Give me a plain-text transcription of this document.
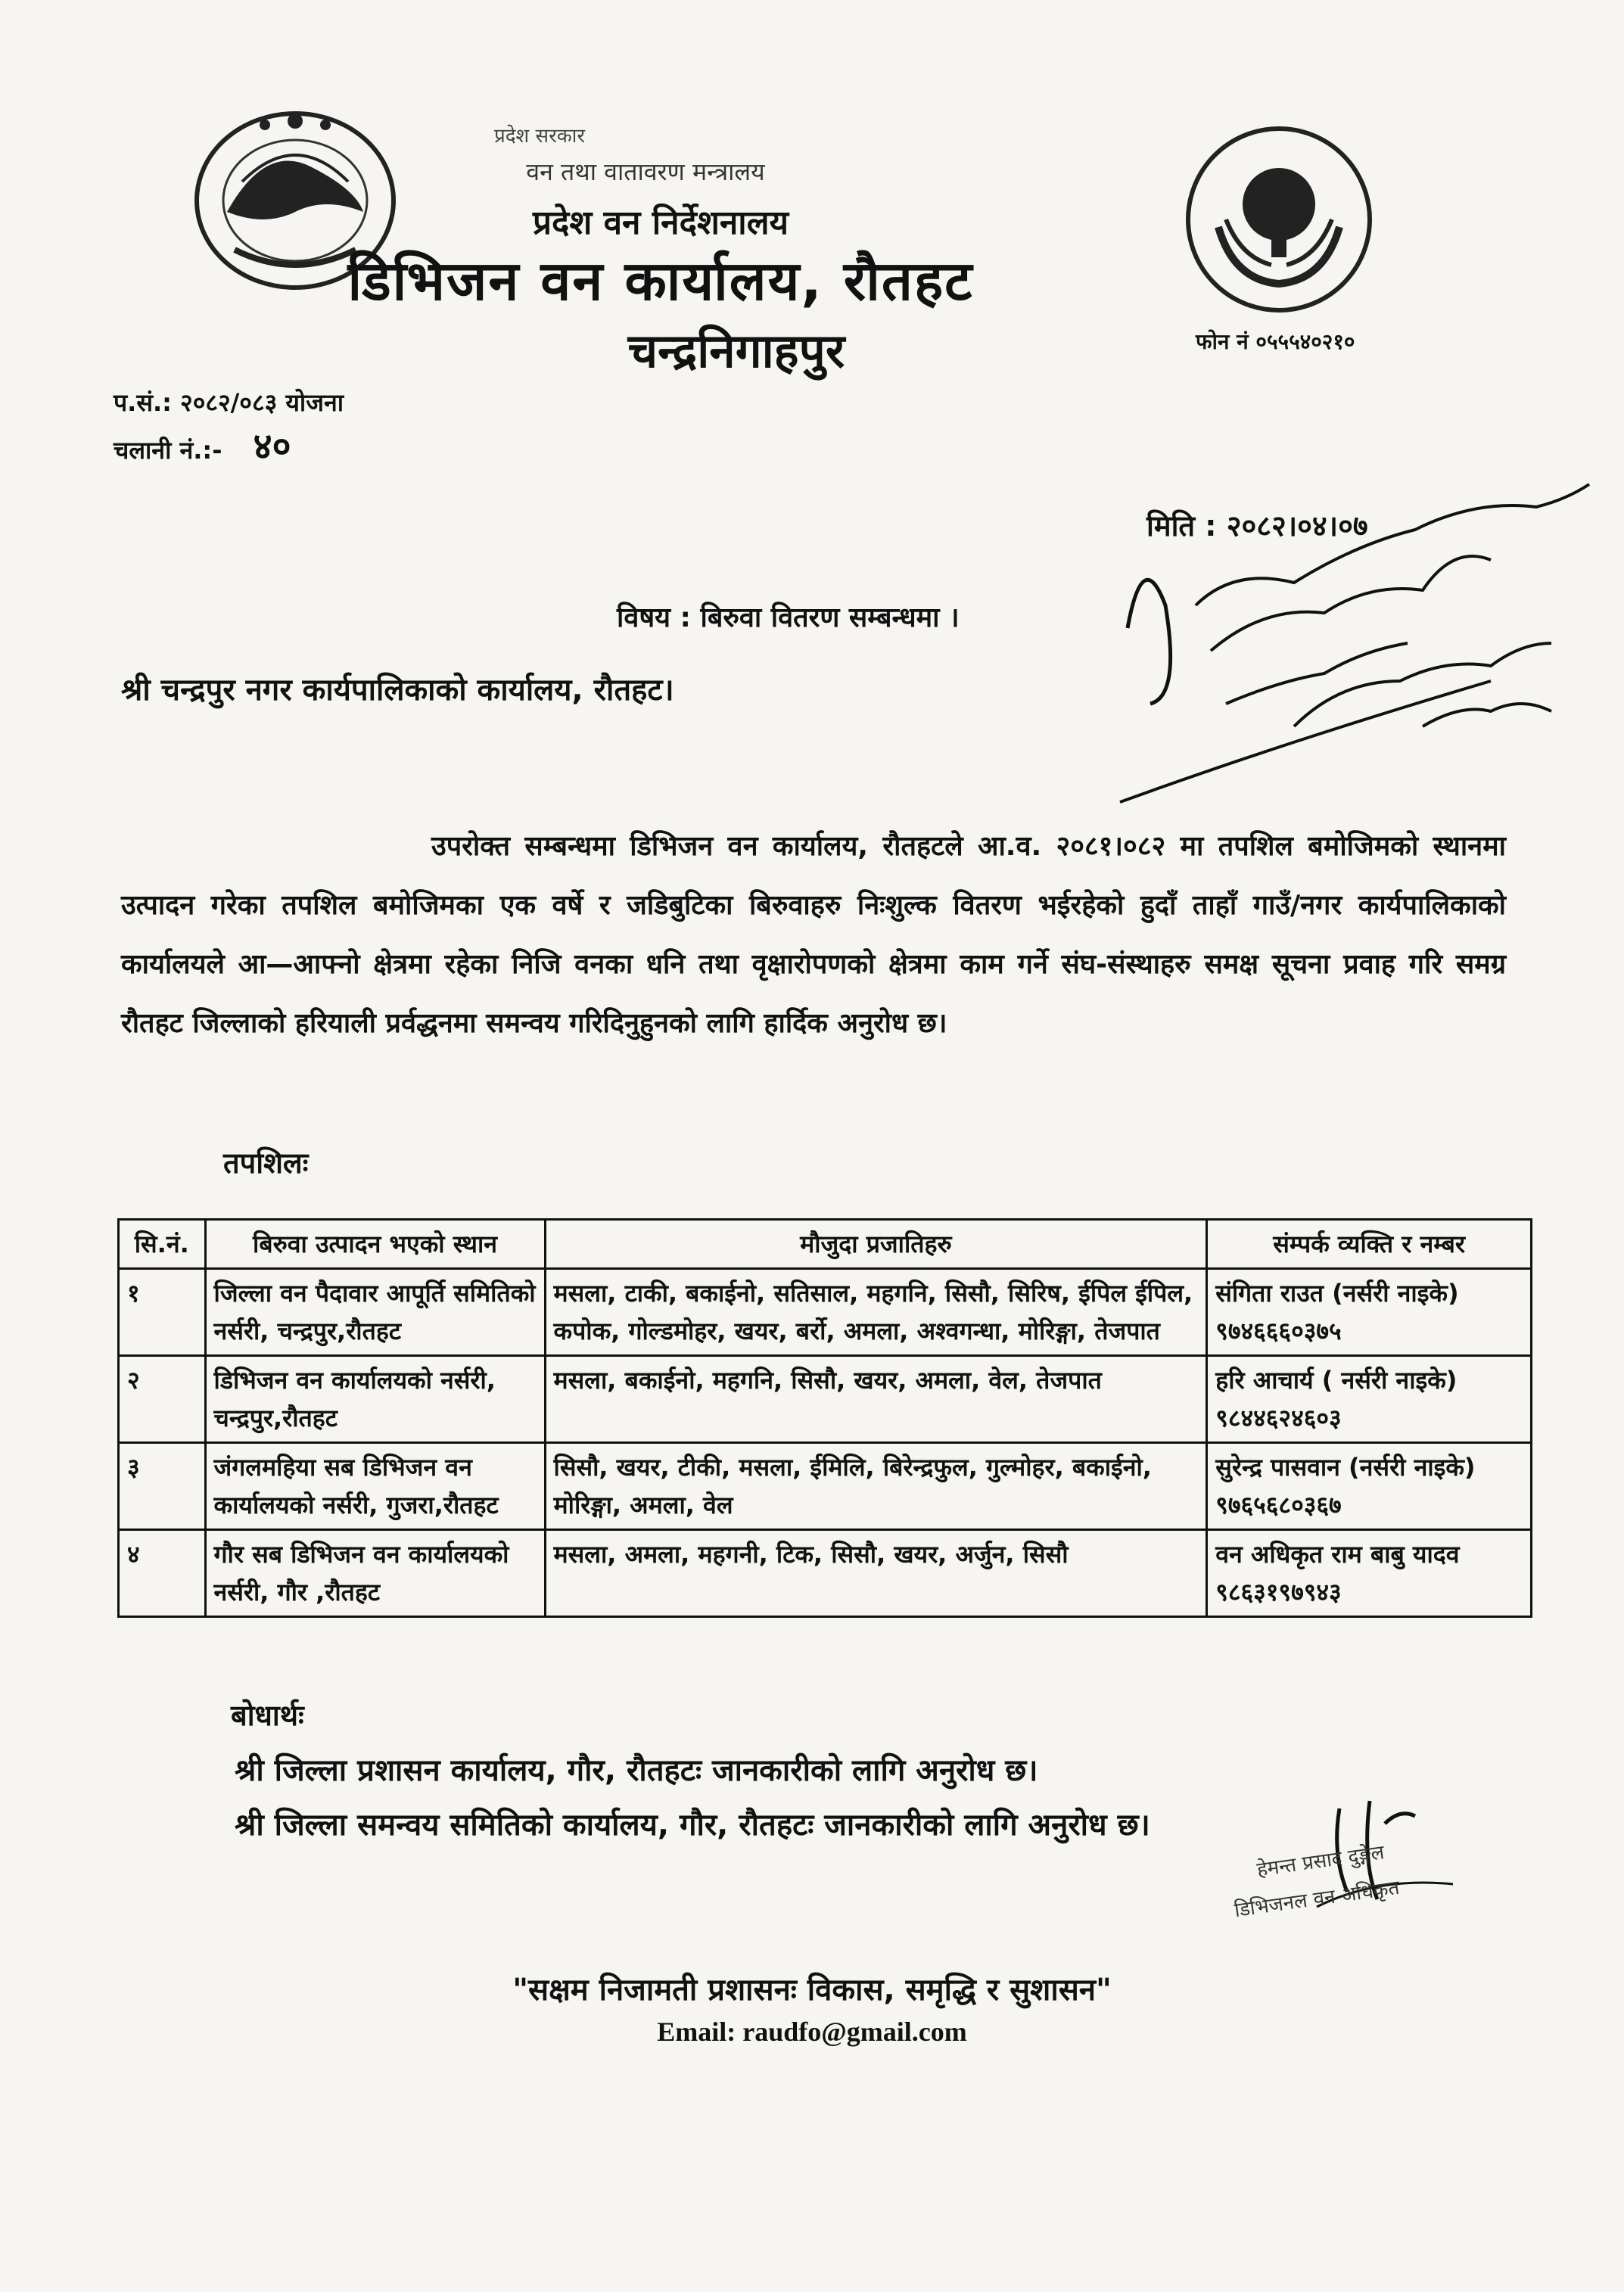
प्रदेश सरकार
वन तथा वातावरण मन्त्रालय
प्रदेश वन निर्देशनालय
डिभिजन वन कार्यालय, रौतहट
चन्द्रनिगाहपुर	फोन नं ०५५५४०२१०
प.सं.: २०८२/०८३ योजना
चलानी नं.:- ४०
मिति : २०८२।०४।०७
विषय : बिरुवा वितरण सम्बन्धमा ।
श्री चन्द्रपुर नगर कार्यपालिकाको कार्यालय, रौतहट।
उपरोक्त सम्बन्धमा डिभिजन वन कार्यालय, रौतहटले आ.व. २०८१।०८२ मा तपशिल बमोजिमको स्थानमा उत्पादन गरेका तपशिल बमोजिमका एक वर्षे र जडिबुटिका बिरुवाहरु निःशुल्क वितरण भईरहेको हुदाँ ताहाँ गाउँ/नगर कार्यपालिकाको कार्यालयले आ—आफ्नो क्षेत्रमा रहेका निजि वनका धनि तथा वृक्षारोपणको क्षेत्रमा काम गर्ने संघ-संस्थाहरु समक्ष सूचना प्रवाह गरि समग्र रौतहट जिल्लाको हरियाली प्रर्वद्धनमा समन्वय गरिदिनुहुनको लागि हार्दिक अनुरोध छ।
तपशिलः
सि.नं.	बिरुवा उत्पादन भएको स्थान	मौजुदा प्रजातिहरु	संम्पर्क व्यक्ति र नम्बर
१	जिल्ला वन पैदावार आपूर्ति समितिको नर्सरी, चन्द्रपुर,रौतहट	मसला, टाकी, बकाईनो, सतिसाल, महगनि, सिसौ, सिरिष, ईपिल ईपिल, कपोक, गोल्डमोहर, खयर, बर्रो, अमला, अश्वगन्धा, मोरिङ्गा, तेजपात	संगिता राउत (नर्सरी नाइके)
९७४६६६०३७५

२	डिभिजन वन कार्यालयको नर्सरी, चन्द्रपुर,रौतहट	मसला, बकाईनो, महगनि, सिसौ, खयर, अमला, वेल, तेजपात	हरि आचार्य ( नर्सरी नाइके)
९८४४६२४६०३

३	जंगलमहिया सब डिभिजन वन कार्यालयको नर्सरी, गुजरा,रौतहट	सिसौ, खयर, टीकी, मसला, ईमिलि, बिरेन्द्रफुल, गुल्मोहर, बकाईनो, मोरिङ्गा, अमला, वेल	सुरेन्द्र पासवान (नर्सरी नाइके)
९७६५६८०३६७

४	गौर सब डिभिजन वन कार्यालयको नर्सरी, गौर ,रौतहट	मसला, अमला, महगनी, टिक, सिसौ, खयर, अर्जुन, सिसौ	वन अधिकृत राम बाबु यादव
९८६३१९७९४३
बोधार्थः
श्री जिल्ला प्रशासन कार्यालय, गौर, रौतहटः जानकारीको लागि अनुरोध छ।
श्री जिल्ला समन्वय समितिको कार्यालय, गौर, रौतहटः जानकारीको लागि अनुरोध छ।
हेमन्त प्रसाद दुङ्गेल
डिभिजनल वन अधिकृत
"सक्षम निजामती प्रशासनः विकास, समृद्धि र सुशासन"
Email: raudfo@gmail.com
